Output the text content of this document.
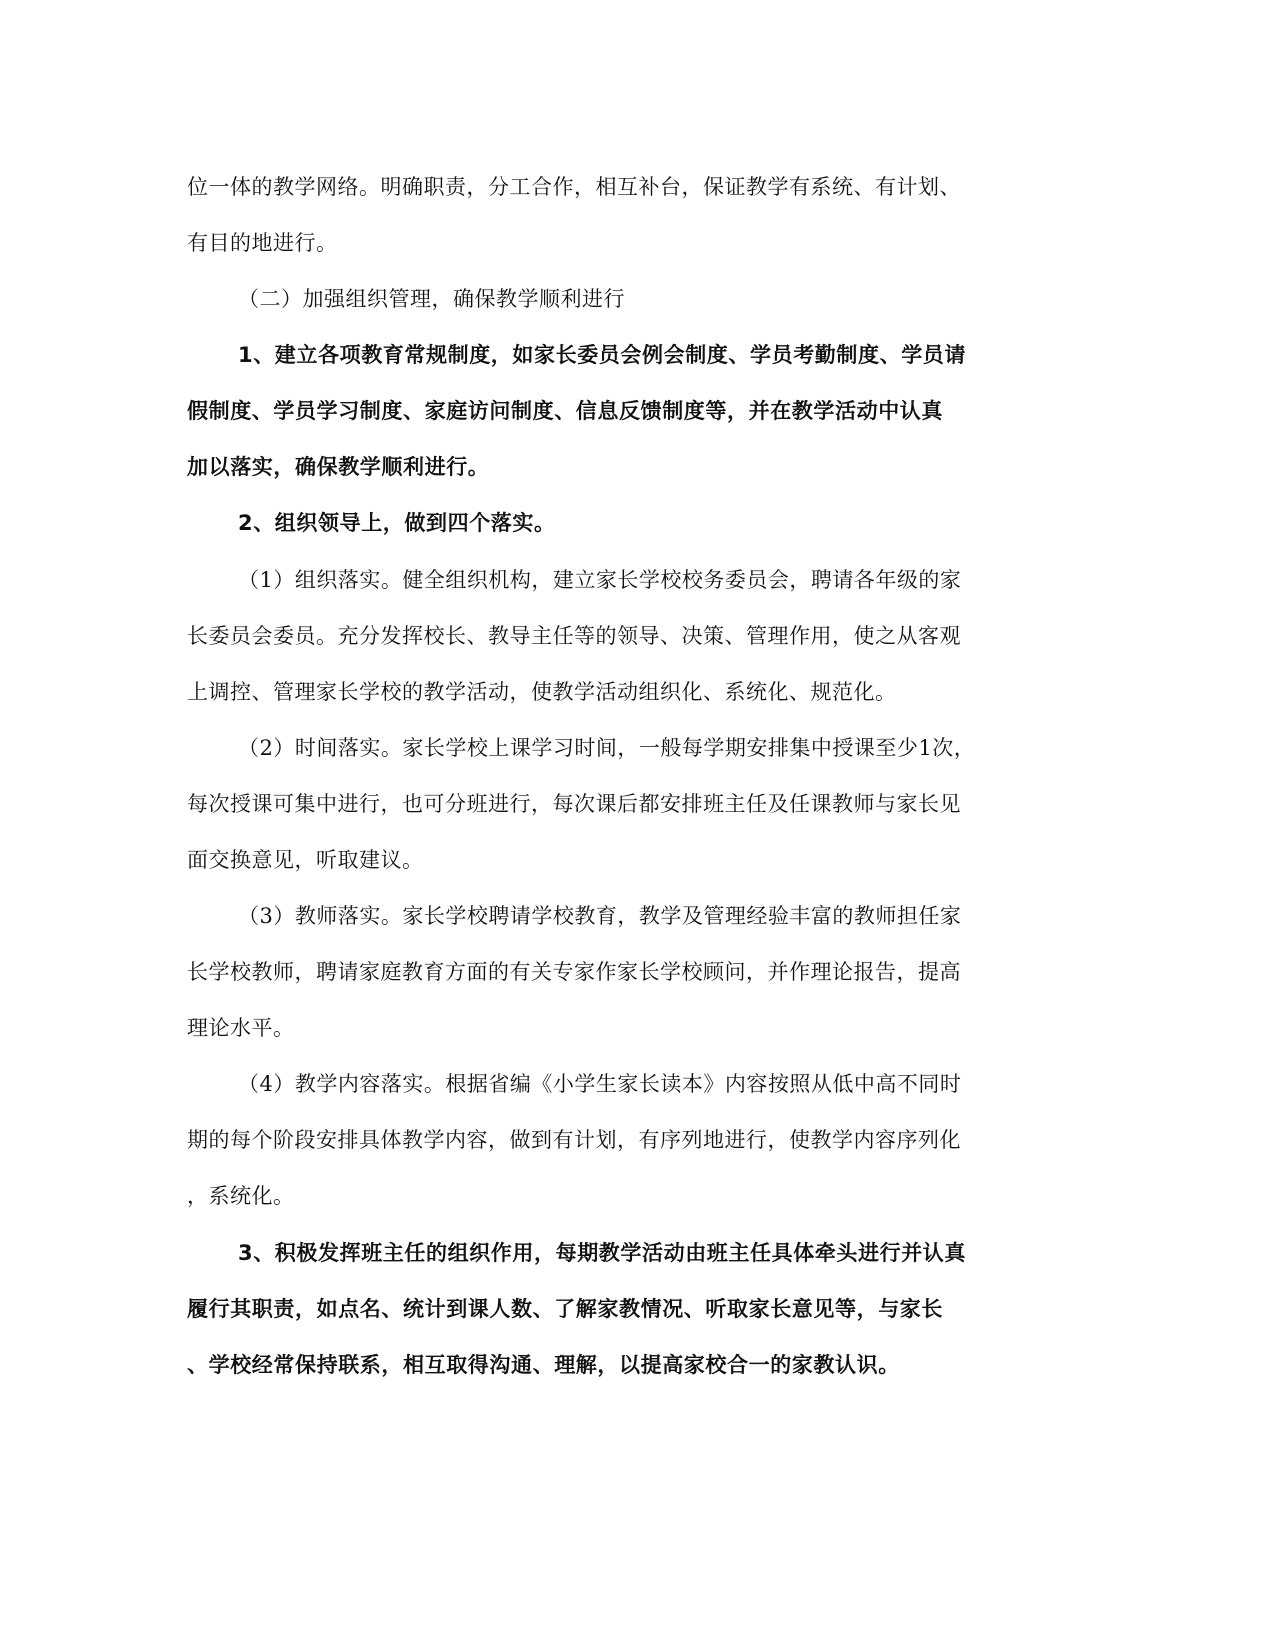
位一体的教学网络。明确职责，分工合作，相互补台，保证教学有系统、有计划、
有目的地进行。
（二）加强组织管理，确保教学顺利进行
1、建立各项教育常规制度，如家长委员会例会制度、学员考勤制度、学员请
假制度、学员学习制度、家庭访问制度、信息反馈制度等，并在教学活动中认真
加以落实，确保教学顺利进行。
2、组织领导上，做到四个落实。
（1）组织落实。健全组织机构，建立家长学校校务委员会，聘请各年级的家
长委员会委员。充分发挥校长、教导主任等的领导、决策、管理作用，使之从客观
上调控、管理家长学校的教学活动，使教学活动组织化、系统化、规范化。
（2）时间落实。家长学校上课学习时间，一般每学期安排集中授课至少1次，
每次授课可集中进行，也可分班进行，每次课后都安排班主任及任课教师与家长见
面交换意见，听取建议。
（3）教师落实。家长学校聘请学校教育，教学及管理经验丰富的教师担任家
长学校教师，聘请家庭教育方面的有关专家作家长学校顾问，并作理论报告，提高
理论水平。
（4）教学内容落实。根据省编《小学生家长读本》内容按照从低中高不同时
期的每个阶段安排具体教学内容，做到有计划，有序列地进行，使教学内容序列化
，系统化。
3、积极发挥班主任的组织作用，每期教学活动由班主任具体牵头进行并认真
履行其职责，如点名、统计到课人数、了解家教情况、听取家长意见等，与家长
、学校经常保持联系，相互取得沟通、理解，以提高家校合一的家教认识。
